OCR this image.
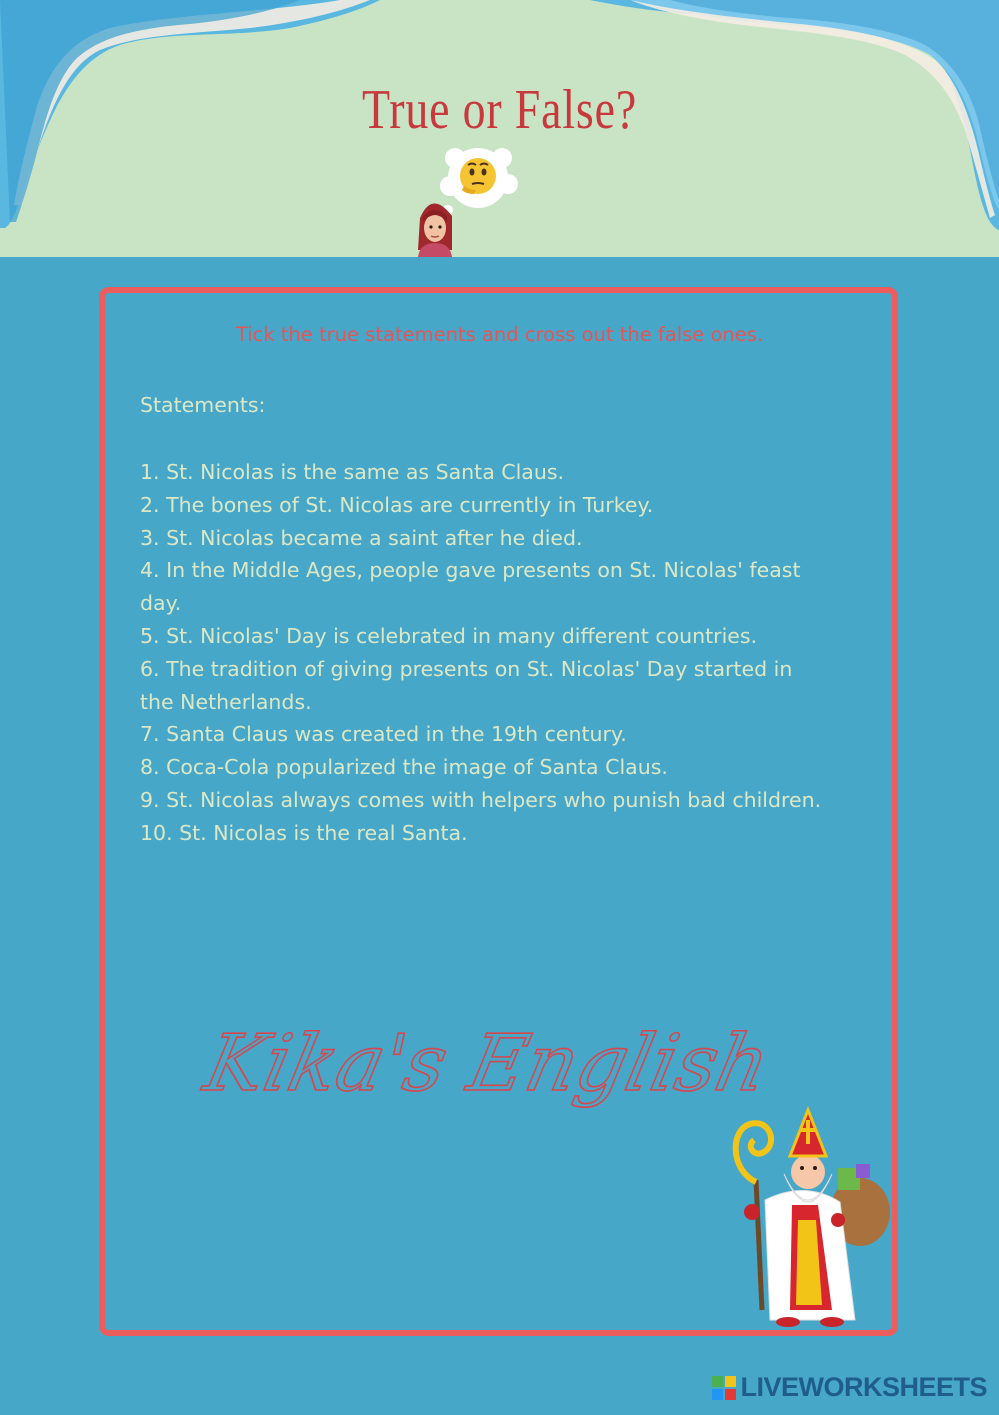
True or False?
Tick the true statements and cross out the false ones.
Statements:
1. St. Nicolas is the same as Santa Claus.
2. The bones of St. Nicolas are currently in Turkey.
3. St. Nicolas became a saint after he died.
4. In the Middle Ages, people gave presents on St. Nicolas' feast day.
5. St. Nicolas' Day is celebrated in many different countries.
6. The tradition of giving presents on St. Nicolas' Day started in the Netherlands.
7. Santa Claus was created in the 19th century.
8. Coca-Cola popularized the image of Santa Claus.
9. St. Nicolas always comes with helpers who punish bad children.
10. St. Nicolas is the real Santa.
Kika's English
LIVEWORKSHEETS
